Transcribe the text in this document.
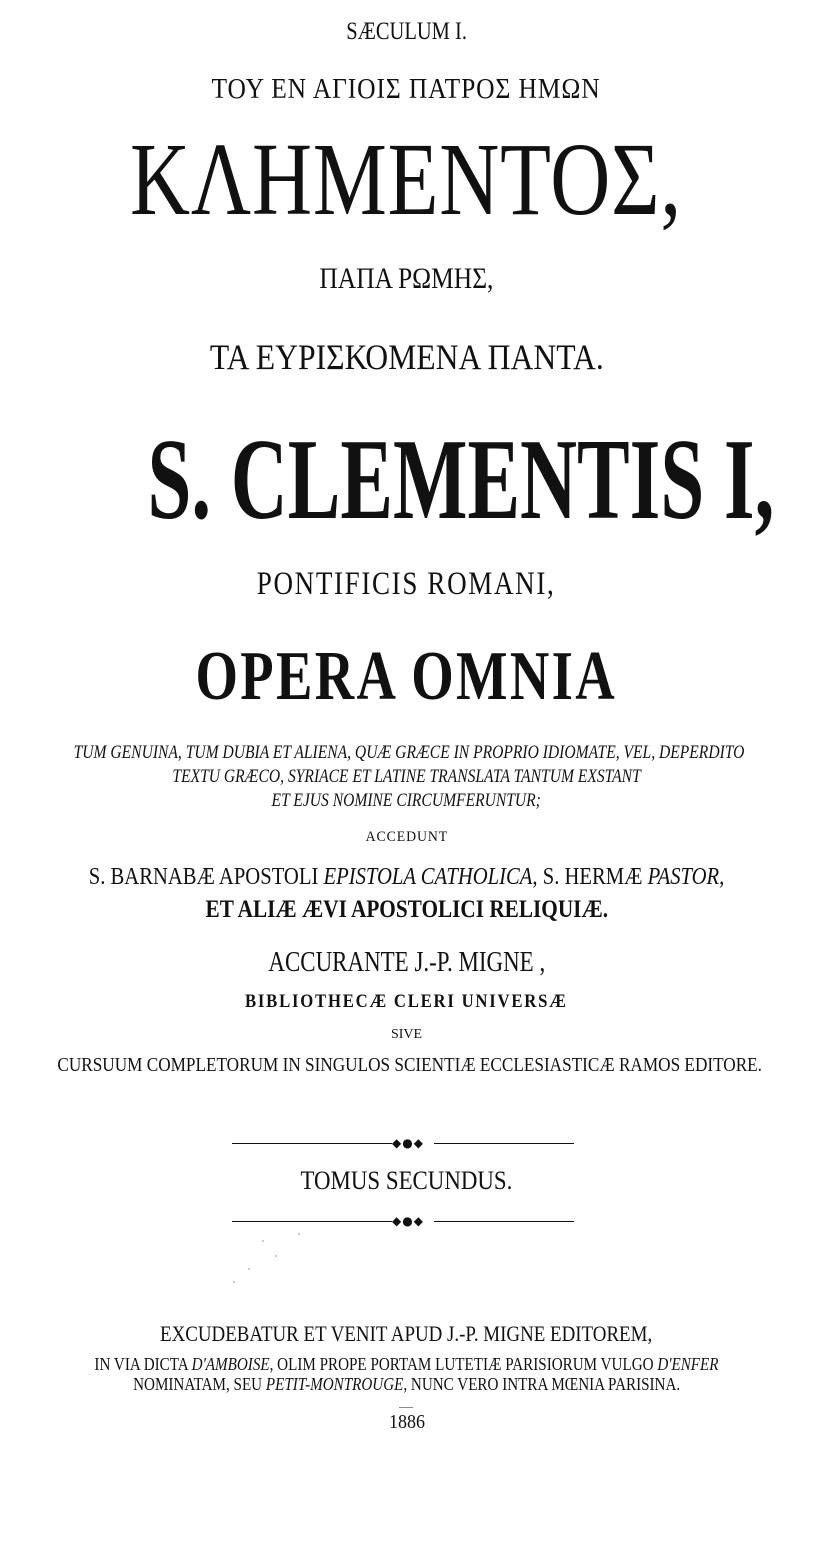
SÆCULUM I.
ΤΟΥ ΕΝ ΑΓΙΟΙΣ ΠΑΤΡΟΣ ΗΜΩΝ
ΚΛΗΜΕΝΤΟΣ,
ΠΑΠΑ ΡΩΜΗΣ,
ΤΑ ΕΥΡΙΣΚΟΜΕΝΑ ΠΑΝΤΑ.
S. CLEMENTIS I,
PONTIFICIS ROMANI,
OPERA OMNIA
TUM GENUINA, TUM DUBIA ET ALIENA, QUÆ GRÆCE IN PROPRIO IDIOMATE, VEL, DEPERDITO
TEXTU GRÆCO, SYRIACE ET LATINE TRANSLATA TANTUM EXSTANT
ET EJUS NOMINE CIRCUMFERUNTUR;
ACCEDUNT
S. BARNABÆ APOSTOLI EPISTOLA CATHOLICA, S. HERMÆ PASTOR,
ET ALIÆ ÆVI APOSTOLICI RELIQUIÆ.
ACCURANTE J.-P. MIGNE ,
BIBLIOTHECÆ CLERI UNIVERSÆ
SIVE
CURSUUM COMPLETORUM IN SINGULOS SCIENTIÆ ECCLESIASTICÆ RAMOS EDITORE.
◆●◆
TOMUS SECUNDUS.
◆●◆
EXCUDEBATUR ET VENIT APUD J.-P. MIGNE EDITOREM,
IN VIA DICTA D'AMBOISE, OLIM PROPE PORTAM LUTETIÆ PARISIORUM VULGO D'ENFER
NOMINATAM, SEU PETIT-MONTROUGE, NUNC VERO INTRA MŒNIA PARISINA.
1886
